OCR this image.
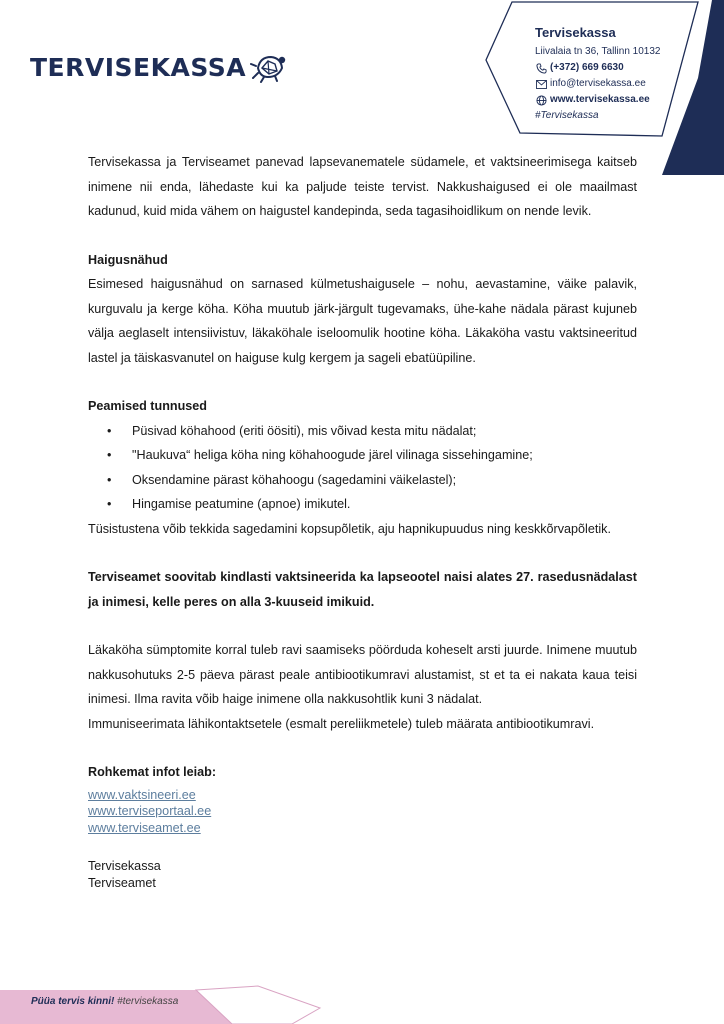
TERVISEKASSA
Tervisekassa
Liivalaia tn 36, Tallinn 10132
(+372) 669 6630
info@tervisekassa.ee
www.tervisekassa.ee
#Tervisekassa

Tervisekassa ja Terviseamet panevad lapsevanematele südamele, et vaktsineerimisega kaitseb inimene nii enda, lähedaste kui ka paljude teiste tervist. Nakkushaigused ei ole maailmast kadunud, kuid mida vähem on haigustel kandepinda, seda tagasihoidlikum on nende levik.

Haigusnähud

Esimesed haigusnähud on sarnased külmetushaigusele – nohu, aevastamine, väike palavik, kurguvalu ja kerge köha. Köha muutub järk-järgult tugevamaks, ühe-kahe nädala pärast kujuneb välja aeglaselt intensiivistuv, läkaköhale iseloomulik hootine köha. Läkaköha vastu vaktsineeritud lastel ja täiskasvanutel on haiguse kulg kergem ja sageli ebatüüpiline.

Peamised tunnused

• Püsivad köhahood (eriti öösiti), mis võivad kesta mitu nädalat;
• "Haukuva“ heliga köha ning köhahoogude järel vilinaga sissehingamine;
• Oksendamine pärast köhahoogu (sagedamini väikelastel);
• Hingamise peatumine (apnoe) imikutel.

Tüsistustena võib tekkida sagedamini kopsupõletik, aju hapnikupuudus ning keskkõrvapõletik.

Terviseamet soovitab kindlasti vaktsineerida ka lapseootel naisi alates 27. rasedusnädalast ja inimesi, kelle peres on alla 3-kuuseid imikuid.

Läkaköha sümptomite korral tuleb ravi saamiseks pöörduda koheselt arsti juurde. Inimene muutub nakkusohutuks 2-5 päeva pärast peale antibiootikumravi alustamist, st et ta ei nakata kaua teisi inimesi. Ilma ravita võib haige inimene olla nakkusohtlik kuni 3 nädalat.

Immuniseerimata lähikontaktsetele (esmalt pereliikmetele) tuleb määrata antibiootikumravi.

Rohkemat infot leiab:

www.vaktsineeri.ee
www.terviseportaal.ee
www.terviseamet.ee

Tervisekassa

Terviseamet

Püüa tervis kinni! #tervisekassa
